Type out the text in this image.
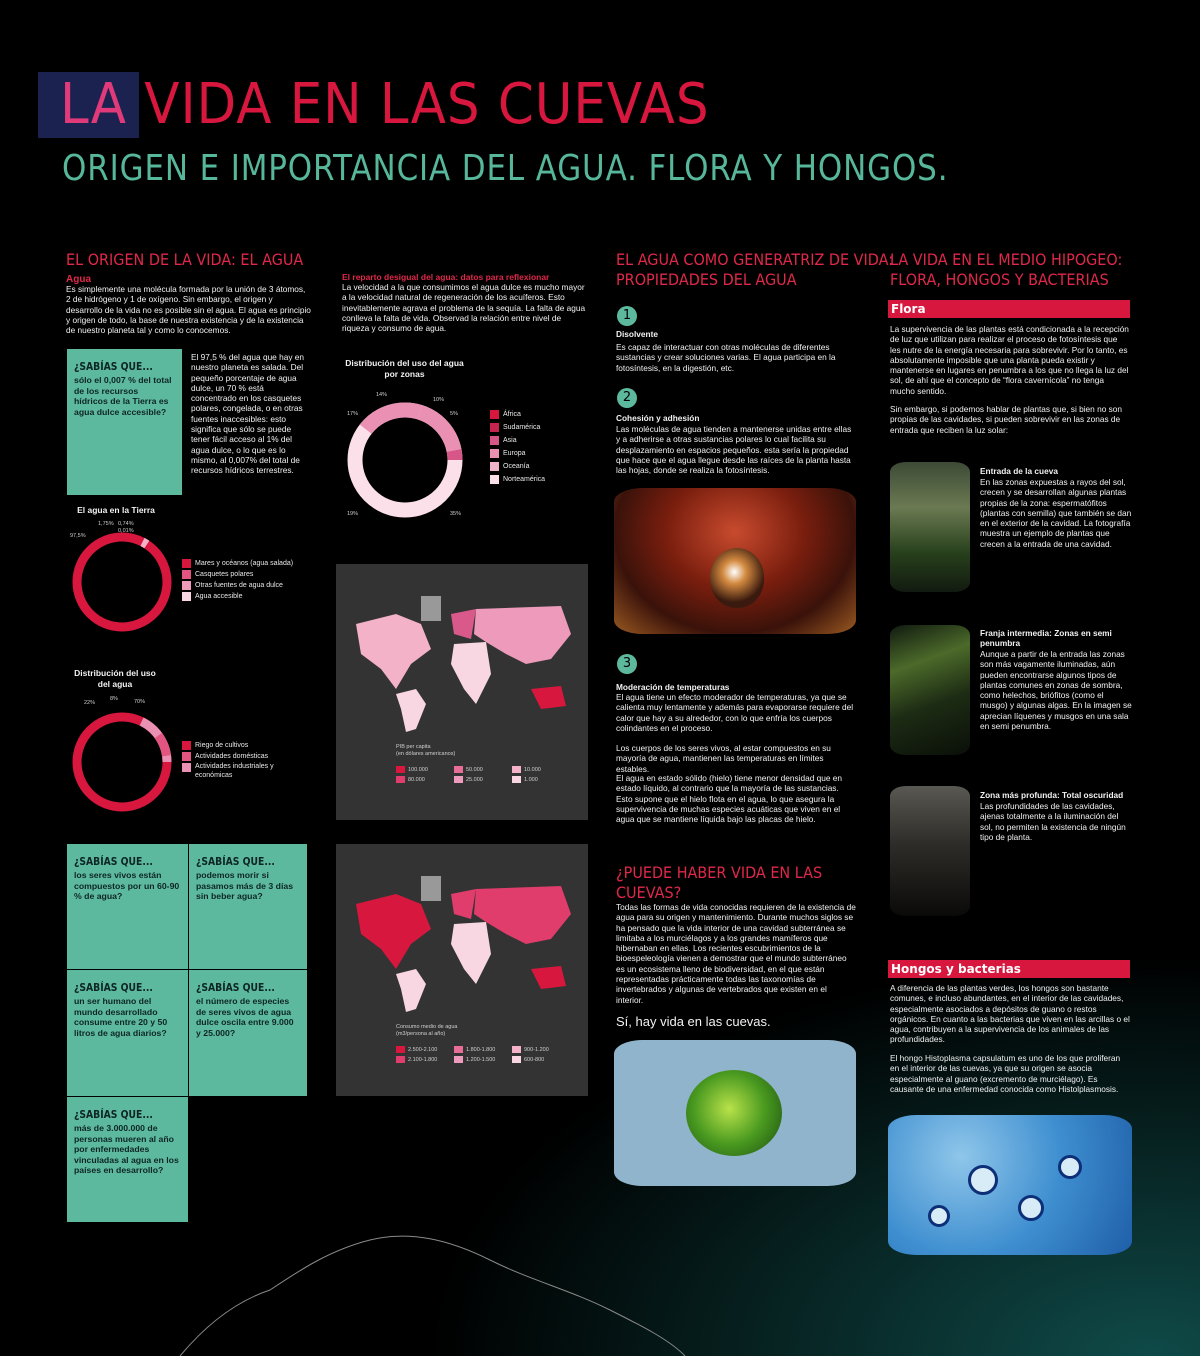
LA VIDA EN LAS CUEVAS
ORIGEN E IMPORTANCIA DEL AGUA. FLORA Y HONGOS.
EL ORIGEN DE LA VIDA: EL AGUA
Agua
Es simplemente una molécula formada por la unión de 3 átomos, 2 de hidrógeno y 1 de oxígeno. Sin embargo, el origen y desarrollo de la vida no es posible sin el agua. El agua es principio y origen de todo, la base de nuestra existencia y de la existencia de nuestro planeta tal y como lo conocemos.
¿SABÍAS QUE...
sólo el 0,007 % del total de los recursos hídricos de la Tierra es agua dulce accesible?
El 97,5 % del agua que hay en nuestro planeta es salada. Del pequeño porcentaje de agua dulce, un 70 % está concentrado en los casquetes polares, congelada, o en otras fuentes inaccesibles: esto significa que sólo se puede tener fácil acceso al 1% del agua dulce, o lo que es lo mismo, al 0,007% del total de recursos hídricos terrestres.
El agua en la Tierra
97,5%
1,75% 0,74%
0,01%
Mares y océanos (agua salada)
Casquetes polares
Otras fuentes de agua dulce
Agua accesible
Distribución del uso del agua
22%
8%	70%
Riego de cultivos
Actividades domésticas
Actividades industriales y económicas
¿SABÍAS QUE...
los seres vivos están compuestos por un 60-90 % de agua?
¿SABÍAS QUE...
podemos morir si pasamos más de 3 días sin beber agua?
¿SABÍAS QUE...
un ser humano del mundo desarrollado consume entre 20 y 50 litros de agua diarios?
¿SABÍAS QUE...
el número de especies de seres vivos de agua dulce oscila entre 9.000 y 25.000?
¿SABÍAS QUE...
más de 3.000.000 de personas mueren al año por enfermedades vinculadas al agua en los países en desarrollo?
El reparto desigual del agua: datos para reflexionar
La velocidad a la que consumimos el agua dulce es mucho mayor a la velocidad natural de regeneración de los acuíferos. Esto inevitablemente agrava el problema de la sequía. La falta de agua conlleva la falta de vida. Observad la relación entre nivel de riqueza y consumo de agua.
Distribución del uso del agua por zonas
14%
10%
5%
17%
19%	35%
África
Sudamérica
Asia
Europa
Oceanía
Norteamérica
PIB per capita
(en dólares americanos)
100.000
80.000
50.000
25.000
10.000
1.000
Consumo medio de agua
(m3/persona al año)
2.500-2.100
2.100-1.800
1.800-1.800
1.200-1.500
900-1.200
600-800
EL AGUA COMO GENERATRIZ DE VIDA:
PROPIEDADES DEL AGUA
1
Disolvente
Es capaz de interactuar con otras moléculas de diferentes sustancias y crear soluciones varias. El agua participa en la fotosíntesis, en la digestión, etc.
2
Cohesión y adhesión
Las moléculas de agua tienden a mantenerse unidas entre ellas y a adherirse a otras sustancias polares lo cual facilita su desplazamiento en espacios pequeños. esta sería la propiedad que hace que el agua llegue desde las raíces de la planta hasta las hojas, donde se realiza la fotosíntesis.
3
Moderación de temperaturas
El agua tiene un efecto moderador de temperaturas, ya que se calienta muy lentamente y además para evaporarse requiere del calor que hay a su alrededor, con lo que enfría los cuerpos colindantes en el proceso.
Los cuerpos de los seres vivos, al estar compuestos en su mayoría de agua, mantienen las temperaturas en límites estables.
El agua en estado sólido (hielo) tiene menor densidad que en estado líquido, al contrario que la mayoría de las sustancias. Esto supone que el hielo flota en el agua, lo que asegura la supervivencia de muchas especies acuáticas que viven en el agua que se mantiene líquida bajo las placas de hielo.
¿PUEDE HABER VIDA EN LAS
CUEVAS?
Todas las formas de vida conocidas requieren de la existencia de agua para su origen y mantenimiento. Durante muchos siglos se ha pensado que la vida interior de una cavidad subterránea se limitaba a los murciélagos y a los grandes mamíferos que hibernaban en ellas. Los recientes escubrimientos de la bioespeleología vienen a demostrar que el mundo subterráneo es un ecosistema lleno de biodiversidad, en el que están representadas prácticamente todas las taxonomías de invertebrados y algunas de vertebrados que existen en el interior.
Sí, hay vida en las cuevas.
LA VIDA EN EL MEDIO HIPOGEO:
FLORA, HONGOS Y BACTERIAS
Flora
La supervivencia de las plantas está condicionada a la recepción de luz que utilizan para realizar el proceso de fotosíntesis que les nutre de la energía necesaria para sobrevivir. Por lo tanto, es absolutamente imposible que una planta pueda existir y mantenerse en lugares en penumbra a los que no llega la luz del sol, de ahí que el concepto de “flora cavernícola” no tenga mucho sentido.
Sin embargo, si podemos hablar de plantas que, si bien no son propias de las cavidades, si pueden sobrevivir en las zonas de entrada que reciben la luz solar:
Entrada de la cueva
En las zonas expuestas a rayos del sol, crecen y se desarrollan algunas plantas propias de la zona: espermatófitos (plantas con semilla) que también se dan en el exterior de la cavidad. La fotografía muestra un ejemplo de plantas que crecen a la entrada de una cavidad.
Franja intermedia: Zonas en semi penumbra
Aunque a partir de la entrada las zonas son más vagamente iluminadas, aún pueden encontrarse algunos tipos de plantas comunes en zonas de sombra, como helechos, briófitos (como el musgo) y algunas algas. En la imagen se aprecian líquenes y musgos en una sala en semi penumbra.
Zona más profunda: Total oscuridad
Las profundidades de las cavidades, ajenas totalmente a la iluminación del sol, no permiten la existencia de ningún tipo de planta.
Hongos y bacterias
A diferencia de las plantas verdes, los hongos son bastante comunes, e incluso abundantes, en el interior de las cavidades, especialmente asociados a depósitos de guano o restos orgánicos. En cuanto a las bacterias que viven en las arcillas o el agua, contribuyen a la supervivencia de los animales de las profundidades.
El hongo Histoplasma capsulatum es uno de los que proliferan en el interior de las cuevas, ya que su origen se asocia especialmente al guano (excremento de murciélago). Es causante de una enfermedad conocida como Histolplasmosis.
